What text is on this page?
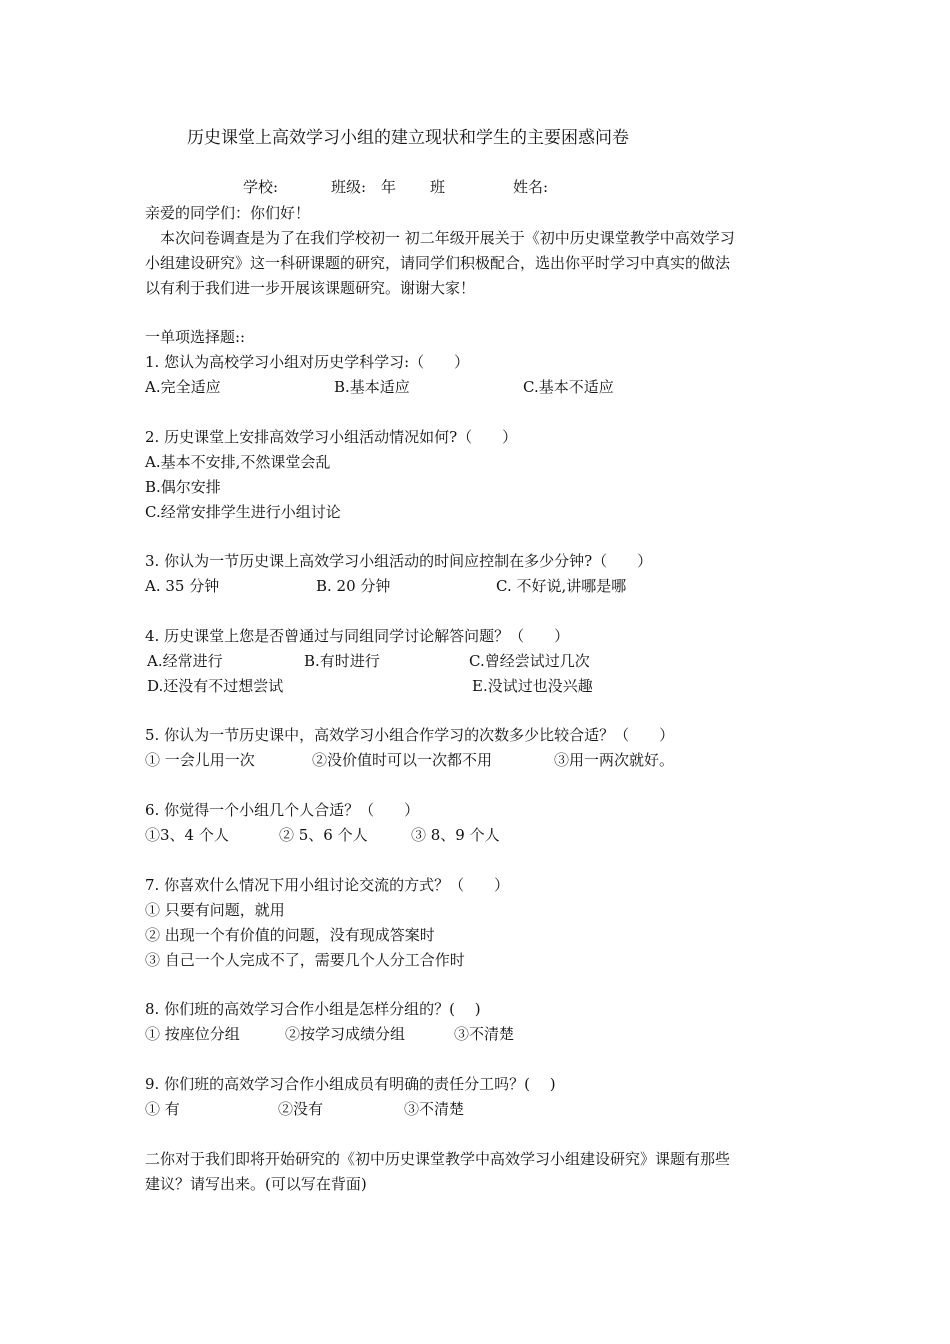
历史课堂上高效学习小组的建立现状和学生的主要困惑问卷
学校:	班级: 年 班	姓名:
亲爱的同学们：你们好！
　本次问卷调查是为了在我们学校初一 初二年级开展关于《初中历史课堂教学中高效学习
小组建设研究》这一科研课题的研究，请同学们积极配合，选出你平时学习中真实的做法
以有利于我们进一步开展该课题研究。谢谢大家！
一单项选择题::
1. 您认为高校学习小组对历史学科学习:（　　）
A.完全适应	B.基本适应	C.基本不适应
2. 历史课堂上安排高效学习小组活动情况如何?（　　）
A.基本不安排,不然课堂会乱
B.偶尔安排
C.经常安排学生进行小组讨论
3. 你认为一节历史课上高效学习小组活动的时间应控制在多少分钟?（　　）
A. 35 分钟	B. 20 分钟	C. 不好说,讲哪是哪
4. 历史课堂上您是否曾通过与同组同学讨论解答问题？（　　）
A.经常进行	B.有时进行	C.曾经尝试过几次
D.还没有不过想尝试	E.没试过也没兴趣
5. 你认为一节历史课中，高效学习小组合作学习的次数多少比较合适？（　　）
① 一会儿用一次	②没价值时可以一次都不用	③用一两次就好。
6. 你觉得一个小组几个人合适？（　　）
①3、4 个人	② 5、6 个人	③ 8、9 个人
7. 你喜欢什么情况下用小组讨论交流的方式？（　　）
① 只要有问题，就用
② 出现一个有价值的问题，没有现成答案时
③ 自己一个人完成不了，需要几个人分工合作时
8. 你们班的高效学习合作小组是怎样分组的？(　 )
① 按座位分组	②按学习成绩分组	③不清楚
9. 你们班的高效学习合作小组成员有明确的责任分工吗？(　 )
① 有	②没有	③不清楚
二你对于我们即将开始研究的《初中历史课堂教学中高效学习小组建设研究》课题有那些
建议？请写出来。(可以写在背面)
